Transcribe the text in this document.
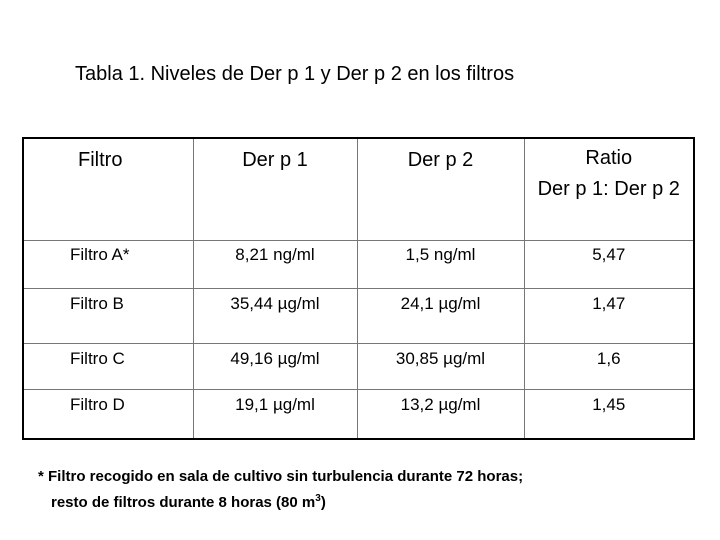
Tabla 1. Niveles de Der p 1 y Der p 2 en los filtros
Filtro	Der p 1	Der p 2	Ratio
Der p 1: Der p 2

Filtro A*	8,21 ng/ml	1,5 ng/ml	5,47
Filtro B	35,44 µg/ml	24,1 µg/ml	1,47
Filtro C	49,16 µg/ml	30,85 µg/ml	1,6
Filtro D	19,1 µg/ml	13,2 µg/ml	1,45
* Filtro recogido en sala de cultivo sin turbulencia durante 72 horas;
resto de filtros durante 8 horas (80 $m^3$)
